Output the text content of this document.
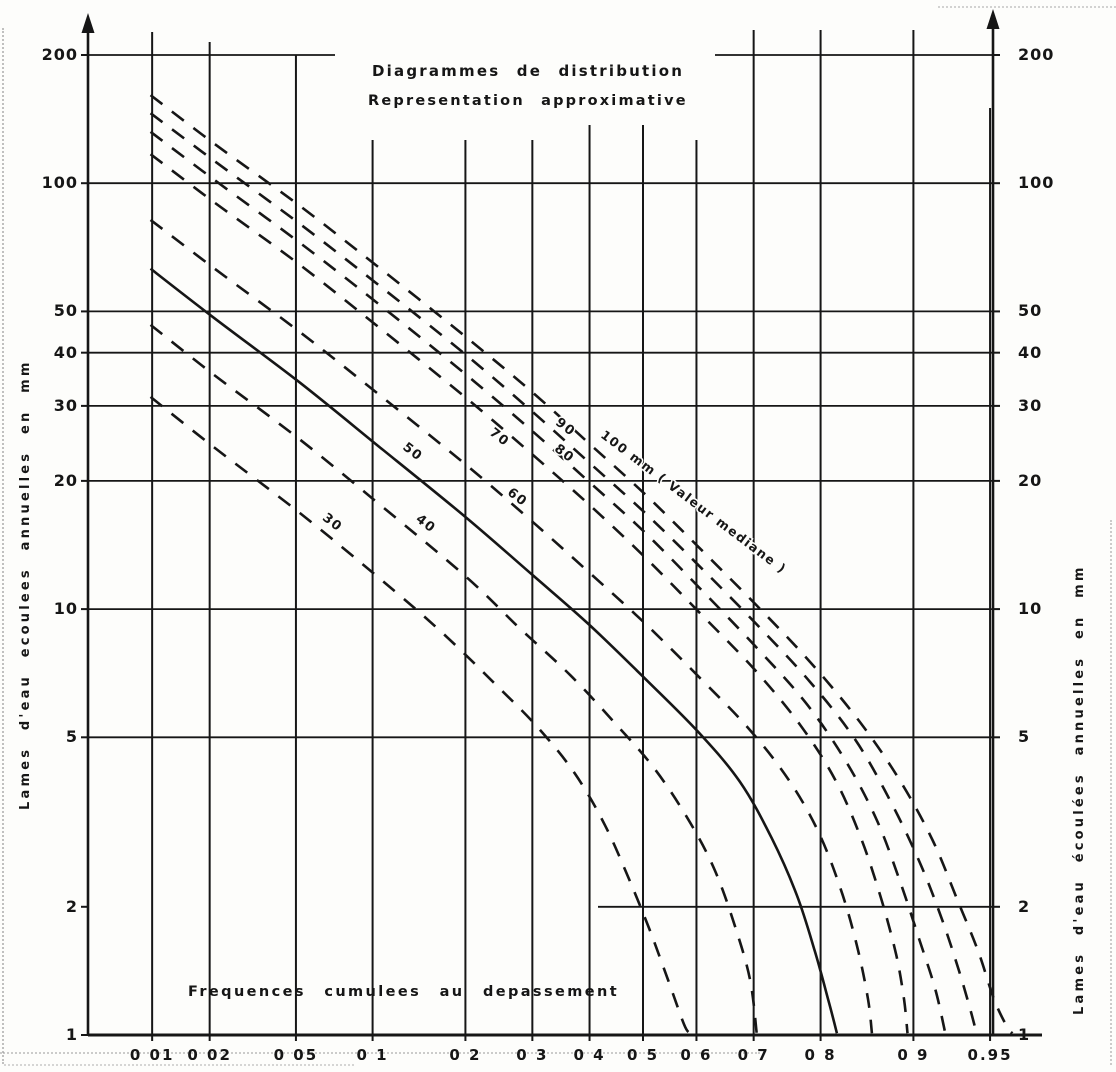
30	40
50
60
70
80
90 100 mm ( Valeur mediane )
Diagrammes de distribution
Representation approximative
Frequences cumulees au depassement
Lames d'eau ecoulees annuelles en mm	Lames d'eau écoulées annuelles en mm
0 01 0 02	0 05	0 1	0 2	0 3	0 4	0 5	0 6	0 7	0 8	0 9	0.95
200	200
100	100
50	50
40	40
30	30
20	20
10	10
5	5
2	2
1	1
